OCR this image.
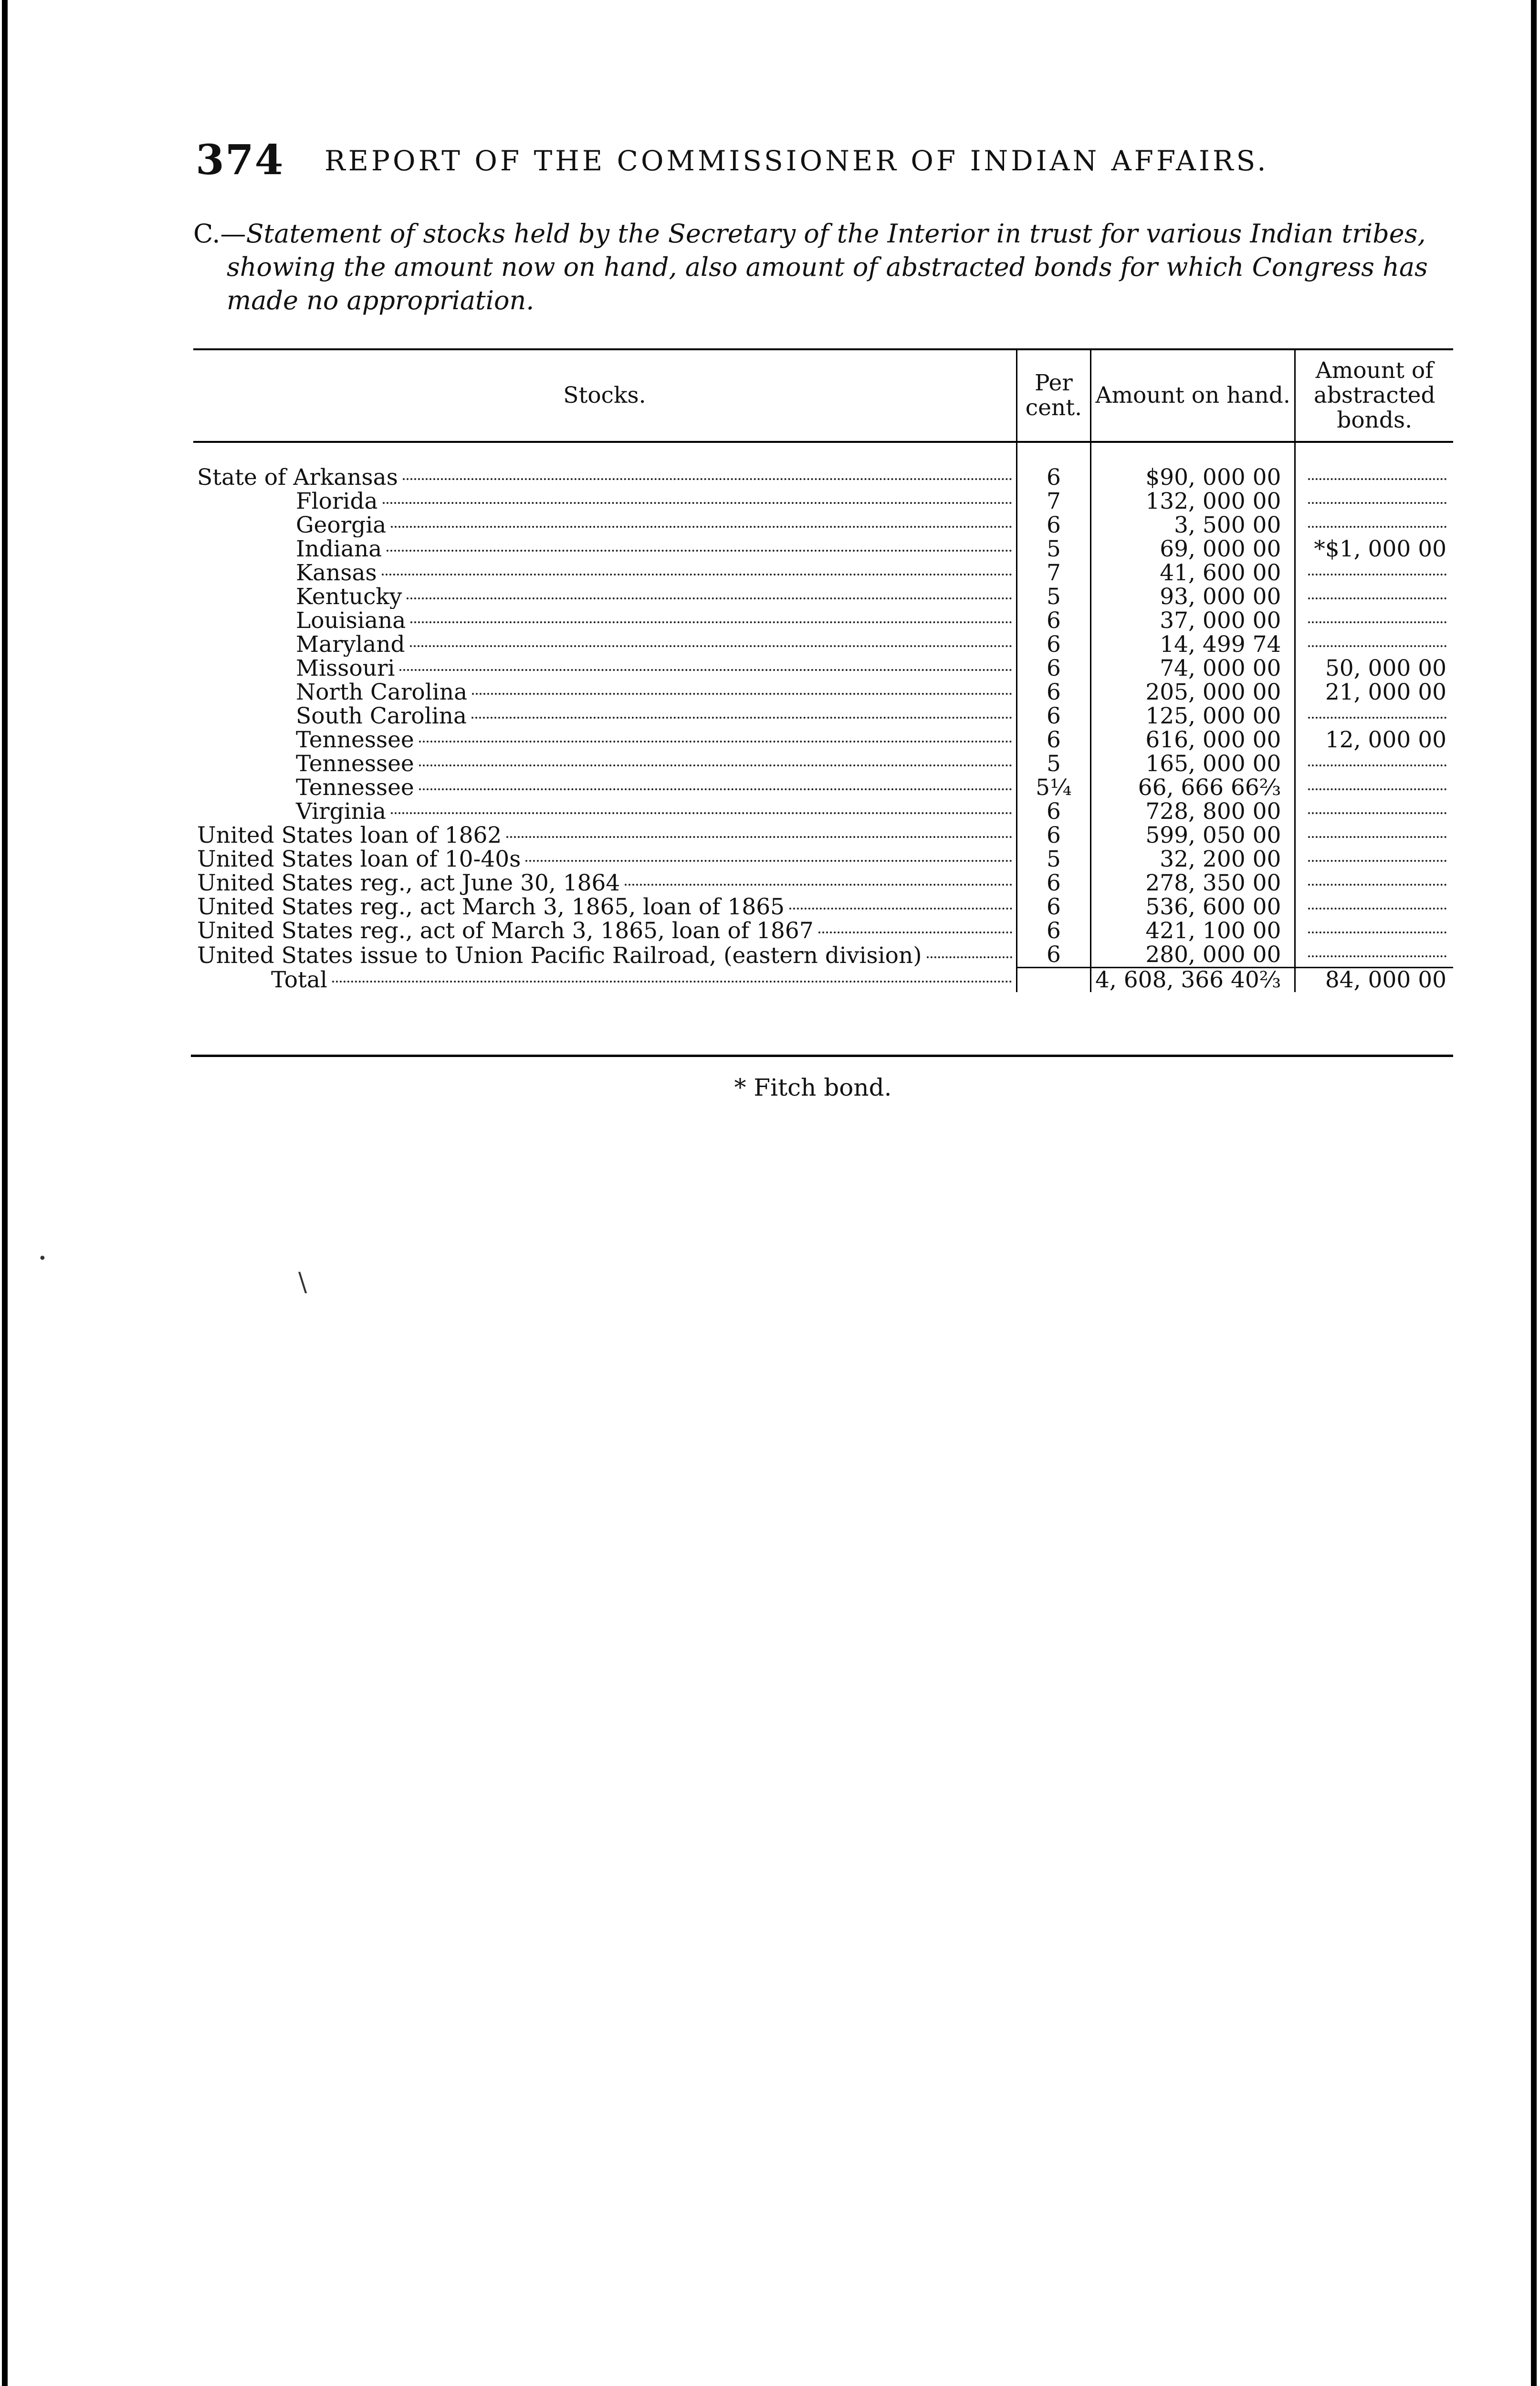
374 REPORT OF THE COMMISSIONER OF INDIAN AFFAIRS.
C.—Statement of stocks held by the Secretary of the Interior in trust for various Indian tribes,
showing the amount now on hand, also amount of abstracted bonds for which Congress has
made no appropriation.
Stocks.	Per cent.	Amount on hand.	Amount of abstracted bonds.

State of Arkansas	6	$90, 000 00	

Florida	7	132, 000 00	

Georgia	6	3, 500 00	

Indiana	5	69, 000 00	*$1, 000 00

Kansas	7	41, 600 00	

Kentucky	5	93, 000 00	

Louisiana	6	37, 000 00	

Maryland	6	14, 499 74	

Missouri	6	74, 000 00	50, 000 00

North Carolina	6	205, 000 00	21, 000 00

South Carolina	6	125, 000 00	

Tennessee	6	616, 000 00	12, 000 00

Tennessee	5	165, 000 00	

Tennessee	5¼	66, 666 66⅔	

Virginia	6	728, 800 00	

United States loan of 1862	6	599, 050 00	

United States loan of 10-40s	5	32, 200 00	

United States reg., act June 30, 1864	6	278, 350 00	

United States reg., act March 3, 1865, loan of 1865	6	536, 600 00	

United States reg., act of March 3, 1865, loan of 1867	6	421, 100 00	

United States issue to Union Pacific Railroad, (eastern division)	6	280, 000 00	

Total		4, 608, 366 40⅔	84, 000 00
* Fitch bond.
\
•
